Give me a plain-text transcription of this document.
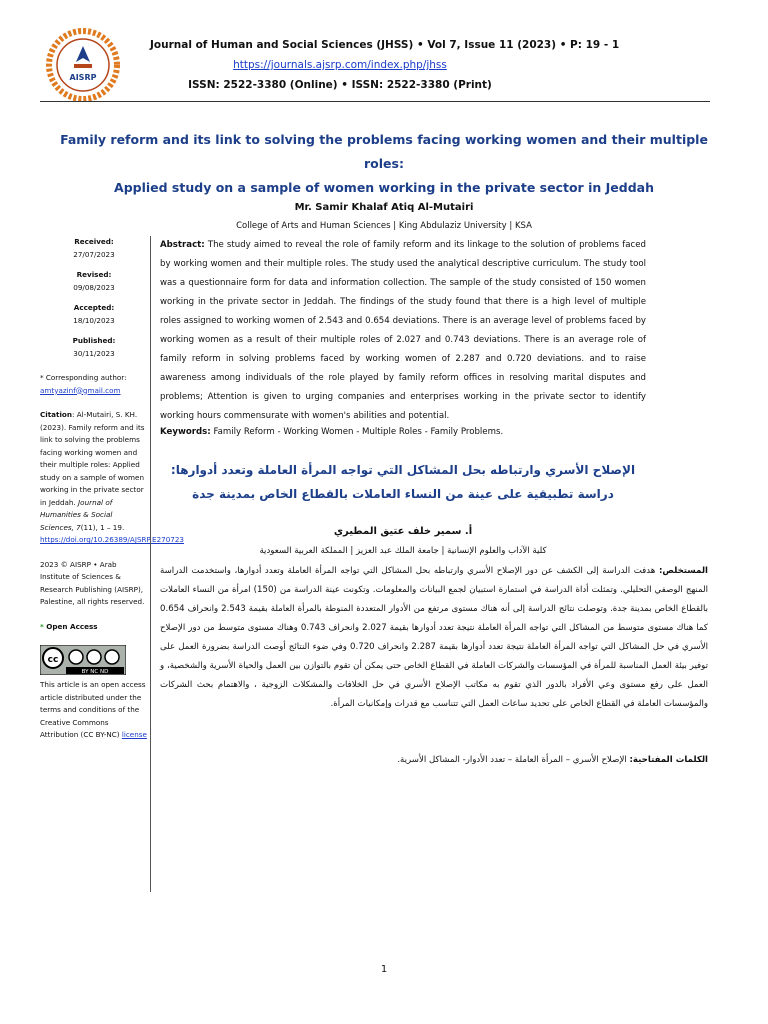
AISRP
Journal of Human and Social Sciences (JHSS) • Vol 7, Issue 11 (2023) • P: 19 - 1
https://journals.ajsrp.com/index.php/jhss
ISSN: 2522-3380 (Online) • ISSN: 2522-3380 (Print)
Family reform and its link to solving the problems facing working women and their multiple roles:
Applied study on a sample of women working in the private sector in Jeddah
Mr. Samir Khalaf Atiq Al-Mutairi
College of Arts and Human Sciences | King Abdulaziz University | KSA
Received:
27/07/2023
Revised:
09/08/2023
Accepted:
18/10/2023
Published:
30/11/2023
* Corresponding author:
amtyazinf@gmail.com
Citation: Al-Mutairi, S. KH. (2023). Family reform and its link to solving the problems facing working women and their multiple roles: Applied study on a sample of women working in the private sector in Jeddah. Journal of Humanities & Social Sciences, 7(11), 1 – 19. https://doi.org/10.26389/AJSRP.E270723
2023 © AISRP • Arab Institute of Sciences & Research Publishing (AISRP), Palestine, all rights reserved.
* Open Access
cc
BY NC ND
This article is an open access article distributed under the terms and conditions of the Creative Commons Attribution (CC BY-NC) license
Abstract: The study aimed to reveal the role of family reform and its linkage to the solution of problems faced by working women and their multiple roles. The study used the analytical descriptive curriculum. The study tool was a questionnaire form for data and information collection. The sample of the study consisted of 150 women working in the private sector in Jeddah. The findings of the study found that there is a high level of multiple roles assigned to working women of 2.543 and 0.654 deviations. There is an average level of problems faced by working women as a result of their multiple roles of 2.027 and 0.743 deviations. There is an average role of family reform in solving problems faced by working women of 2.287 and 0.720 deviations. and to raise awareness among individuals of the role played by family reform offices in resolving marital disputes and problems; Attention is given to urging companies and enterprises working in the private sector to identify working hours commensurate with women's abilities and potential.
Keywords: Family Reform - Working Women - Multiple Roles - Family Problems.
الإصلاح الأسري وارتباطه بحل المشاكل التي تواجه المرأة العاملة وتعدد أدوارها:
دراسة تطبيقية على عينة من النساء العاملات بالقطاع الخاص بمدينة جدة
أ. سمير خلف عتيق المطيري
كلية الآداب والعلوم الإنسانية | جامعة الملك عبد العزيز | المملكة العربية السعودية
المستخلص: هدفت الدراسة إلى الكشف عن دور الإصلاح الأسري وارتباطه بحل المشاكل التي تواجه المرأة العاملة وتعدد أدوارها، واستخدمت الدراسة المنهج الوصفي التحليلي. وتمثلت أداة الدراسة في استمارة استبيان لجمع البيانات والمعلومات. وتكونت عينة الدراسة من (150) امرأة من النساء العاملات بالقطاع الخاص بمدينة جدة. وتوصلت نتائج الدراسة إلى أنه هناك مستوى مرتفع من الأدوار المتعددة المنوطة بالمرأة العاملة بقيمة 2.543 وانحراف 0.654 كما هناك مستوى متوسط من المشاكل التي تواجه المرأة العاملة نتيجة تعدد أدوارها بقيمة 2.027 وانحراف 0.743 وهناك مستوى متوسط من دور الإصلاح الأسري في حل المشاكل التي تواجه المرأة العاملة نتيجة تعدد أدوارها بقيمة 2.287 وانحراف 0.720 وفي ضوء النتائج أوصت الدراسة بضرورة العمل على توفير بيئة العمل المناسبة للمرأة في المؤسسات والشركات العاملة في القطاع الخاص حتى يمكن أن تقوم بالتوازن بين العمل والحياة الأسرية والشخصية، و العمل على رفع مستوى وعي الأفراد بالدور الذي تقوم به مكاتب الإصلاح الأسري في حل الخلافات والمشكلات الزوجية ، والاهتمام بحث الشركات والمؤسسات العاملة في القطاع الخاص على تحديد ساعات العمل التي تتناسب مع قدرات وإمكانيات المرأة.
الكلمات المفتاحية: الإصلاح الأسري – المرأة العاملة – تعدد الأدوار- المشاكل الأسرية.
1
